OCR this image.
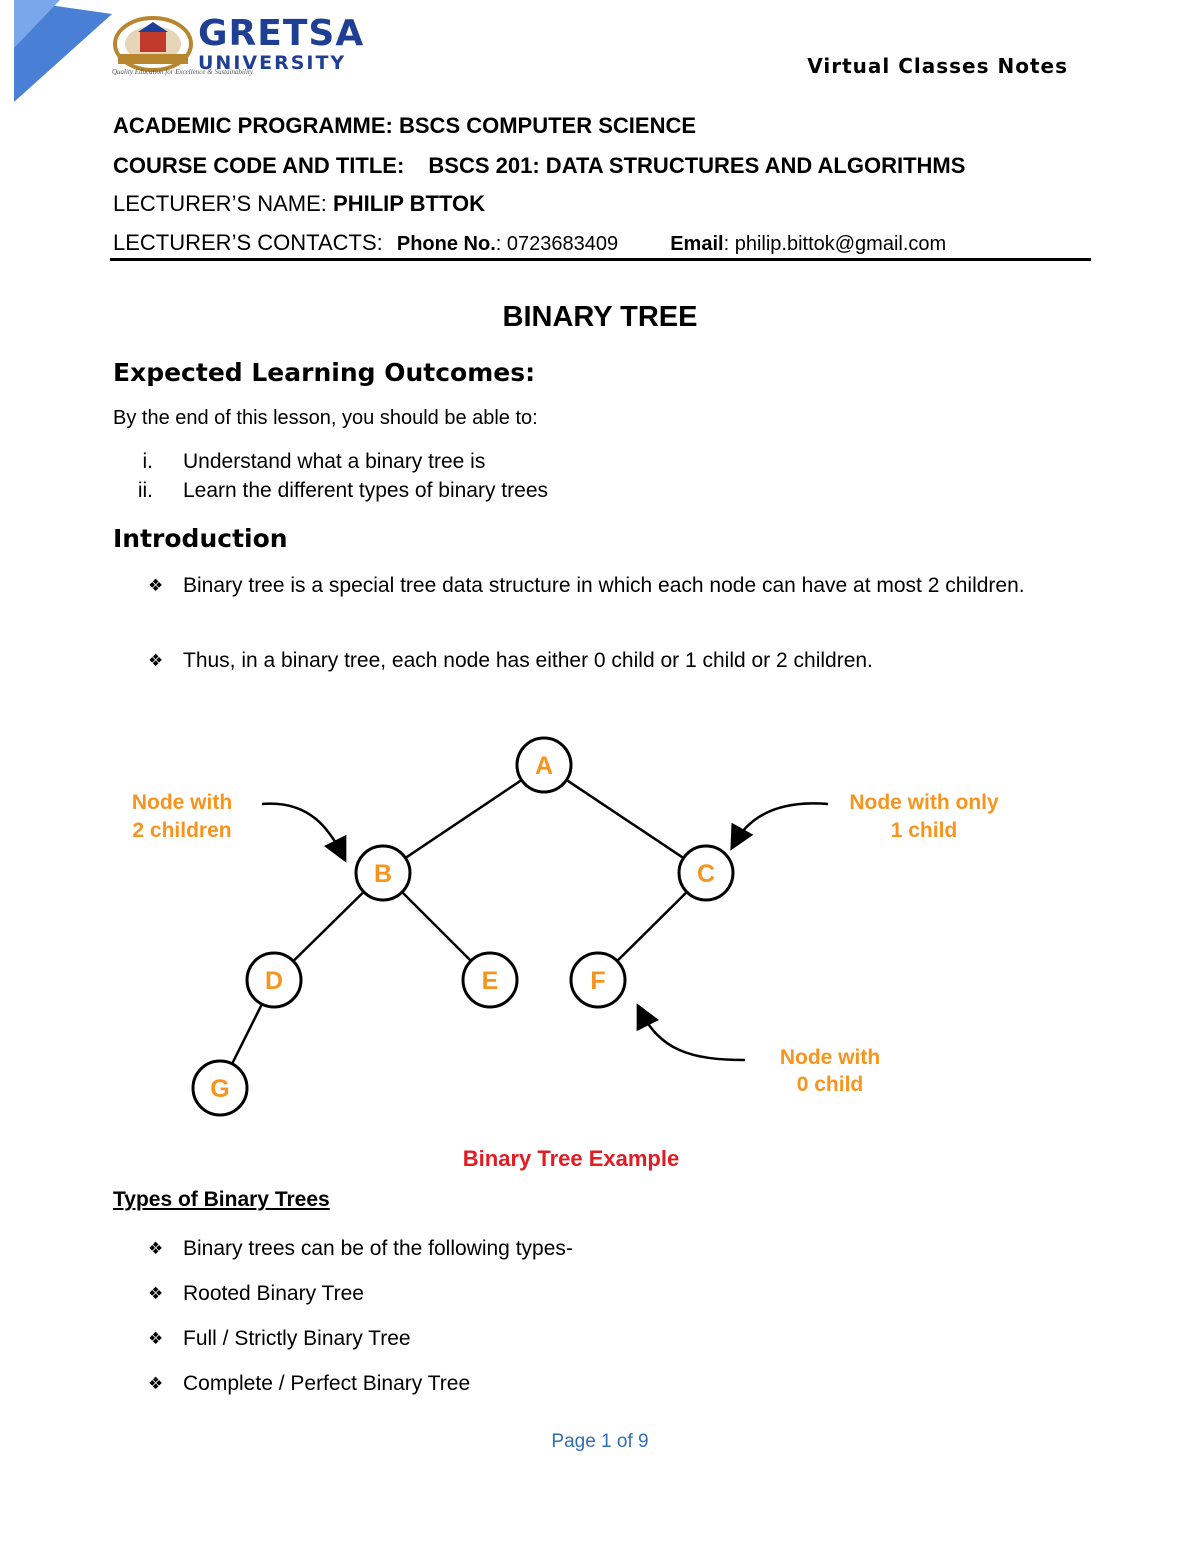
GRETSA
UNIVERSITY
Quality Education for Excellence & Sustainability	Virtual Classes Notes
ACADEMIC PROGRAMME: BSCS COMPUTER SCIENCE
COURSE CODE AND TITLE: BSCS 201: DATA STRUCTURES AND ALGORITHMS
LECTURER’S NAME: PHILIP BTTOK
LECTURER’S CONTACTS: Phone No.: 0723683409	Email: philip.bittok@gmail.com
BINARY TREE
Expected Learning Outcomes:
By the end of this lesson, you should be able to:
i. Understand what a binary tree is
ii. Learn the different types of binary trees
Introduction
❖ Binary tree is a special tree data structure in which each node can have at most 2 children.
❖ Thus, in a binary tree, each node has either 0 child or 1 child or 2 children.
A
B	C
D	E	F
G
Node with
2 children
Node with only
1 child
Node with
0 child
Binary Tree Example
Types of Binary Trees
❖ Binary trees can be of the following types-
❖ Rooted Binary Tree
❖ Full / Strictly Binary Tree
❖ Complete / Perfect Binary Tree
Page 1 of 9
